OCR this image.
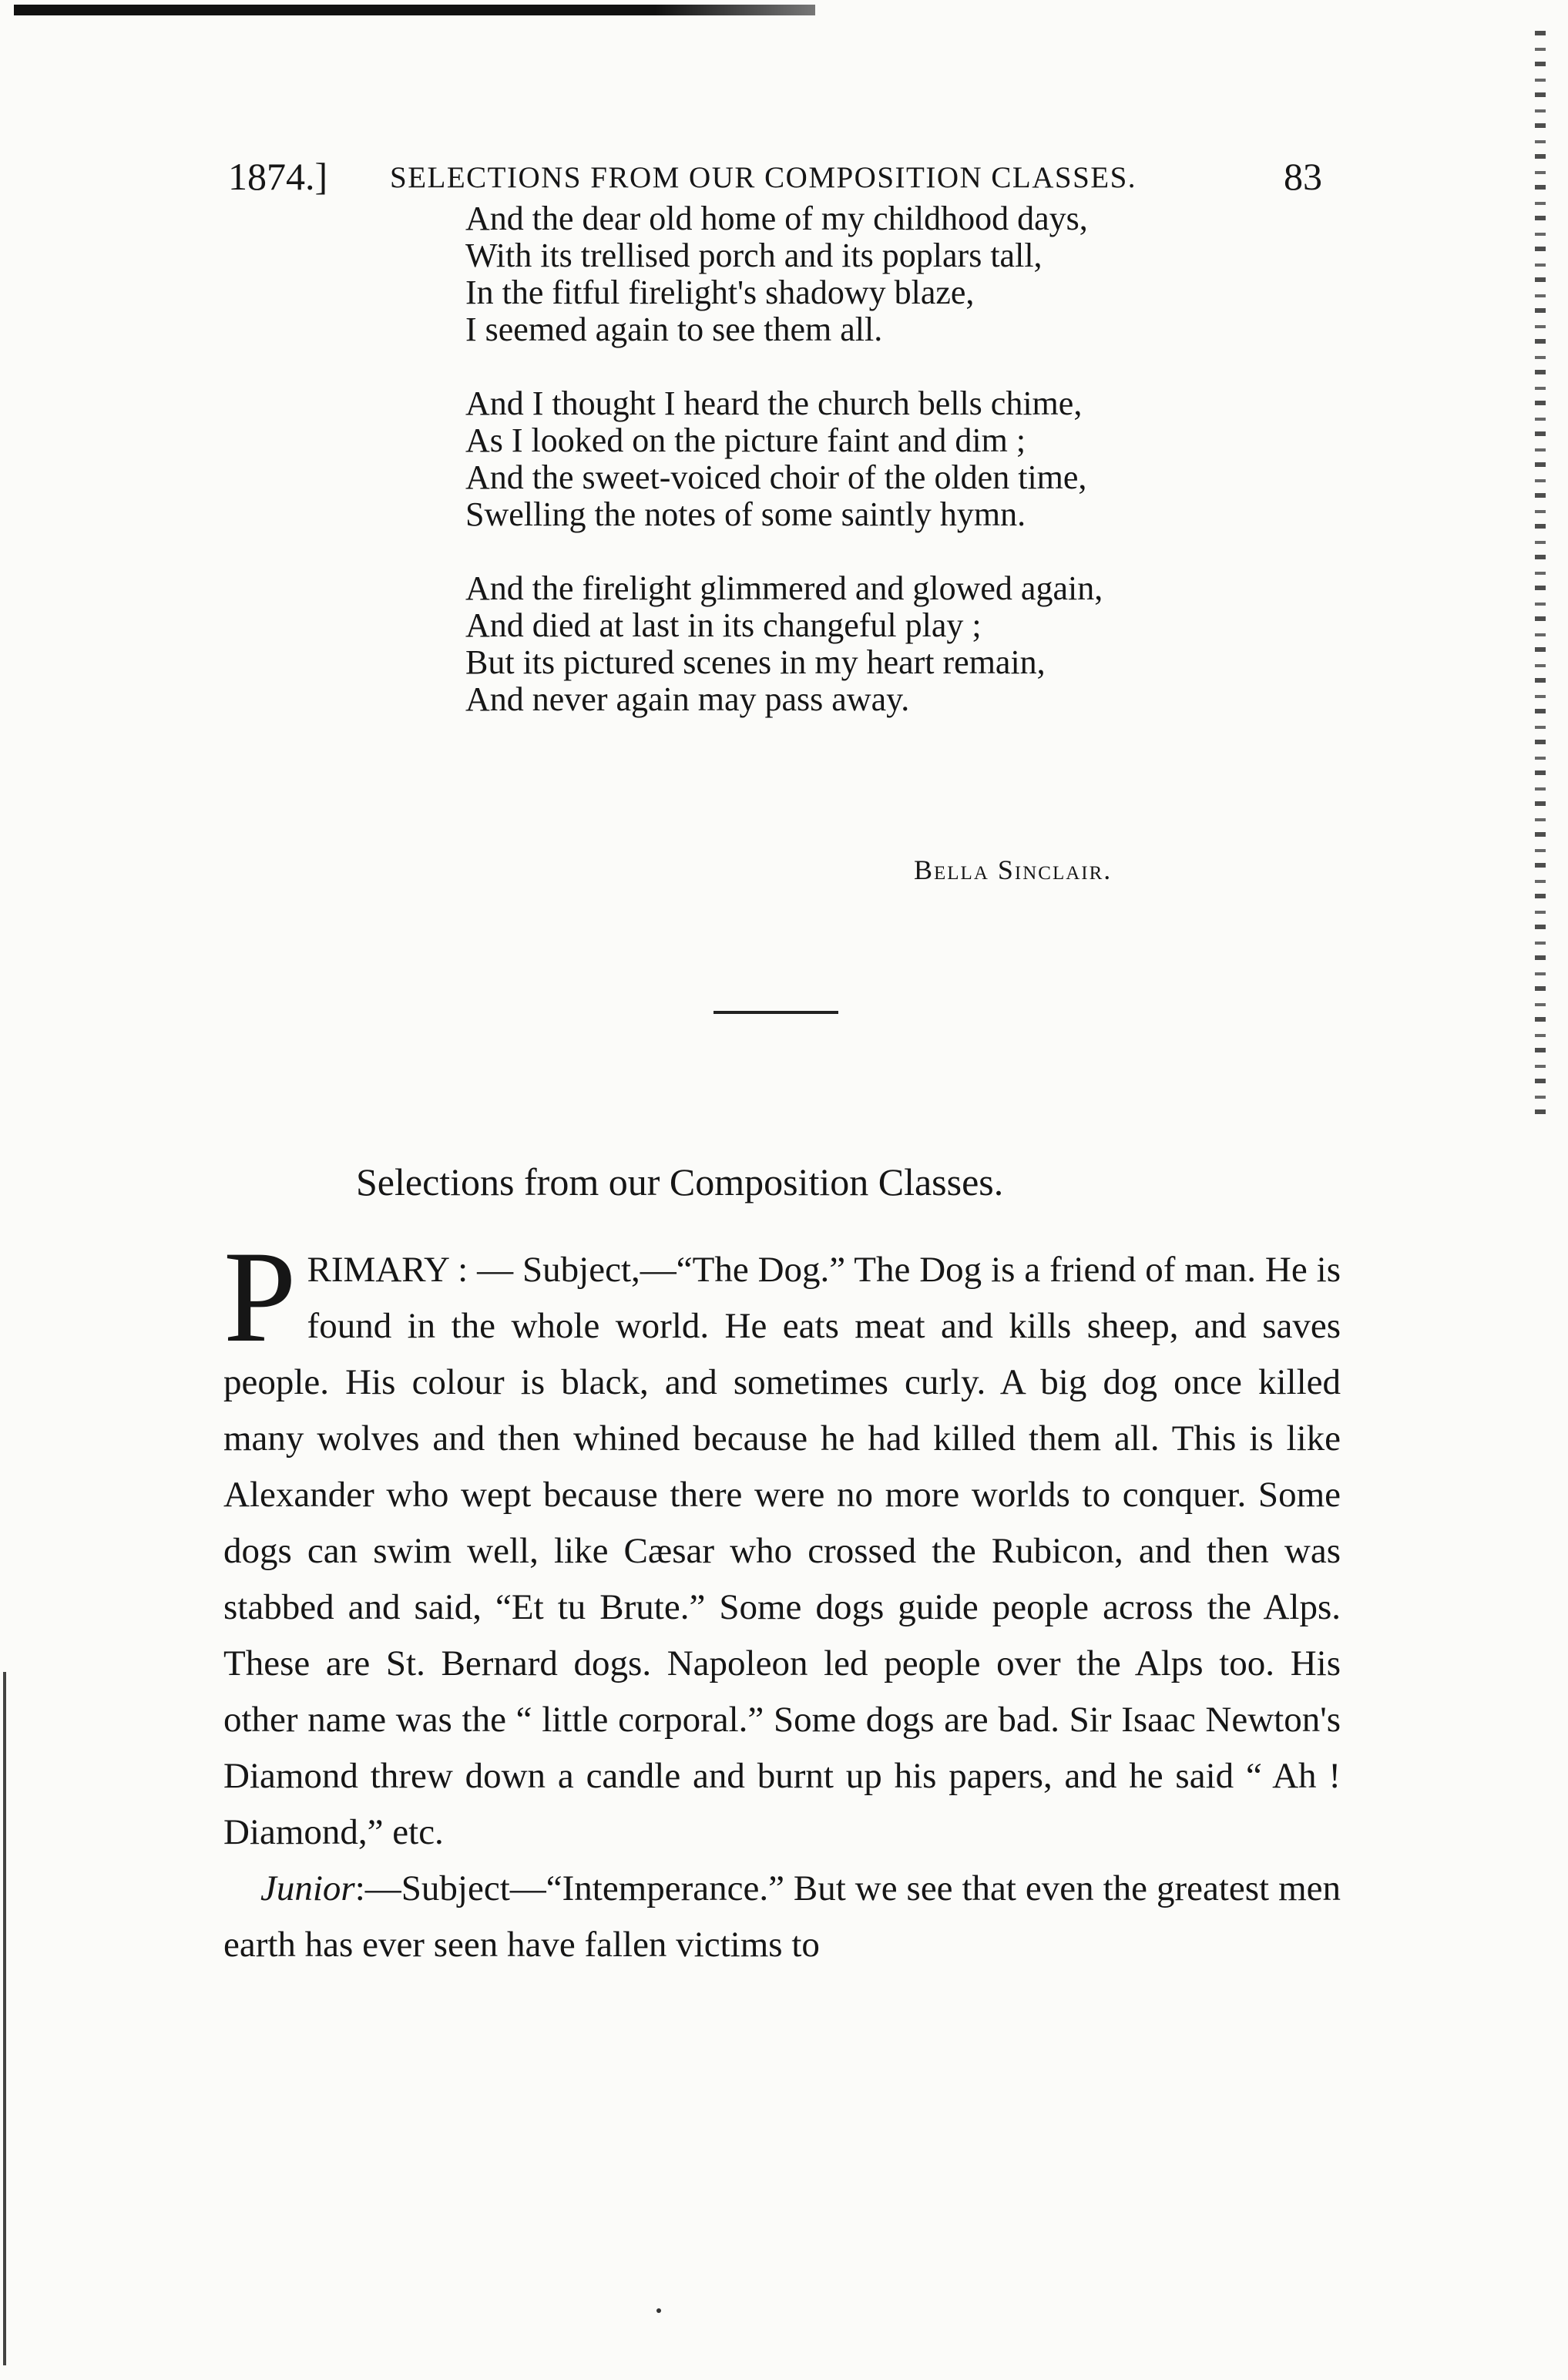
1874.] SELECTIONS FROM OUR COMPOSITION CLASSES.	83
And the dear old home of my childhood days,
With its trellised porch and its poplars tall,
In the fitful firelight's shadowy blaze,
I seemed again to see them all.
And I thought I heard the church bells chime,
As I looked on the picture faint and dim ;
And the sweet-voiced choir of the olden time,
Swelling the notes of some saintly hymn.
And the firelight glimmered and glowed again,
And died at last in its changeful play ;
But its pictured scenes in my heart remain,
And never again may pass away.
Bella Sinclair.
Selections from our Composition Classes.

PRIMARY : — Subject,—“The Dog.” The Dog is a friend of man. He is found in the whole world. He eats meat and kills sheep, and saves people. His colour is black, and sometimes curly. A big dog once killed many wolves and then whined because he had killed them all. This is like Alexander who wept because there were no more worlds to conquer. Some dogs can swim well, like Cæsar who crossed the Rubicon, and then was stabbed and said, “Et tu Brute.” Some dogs guide people across the Alps. These are St. Bernard dogs. Napoleon led people over the Alps too. His other name was the “ little corporal.” Some dogs are bad. Sir Isaac Newton's Diamond threw down a candle and burnt up his papers, and he said “ Ah ! Diamond,” etc.

Junior:—Subject—“Intemperance.” But we see that even the greatest men earth has ever seen have fallen victims to
